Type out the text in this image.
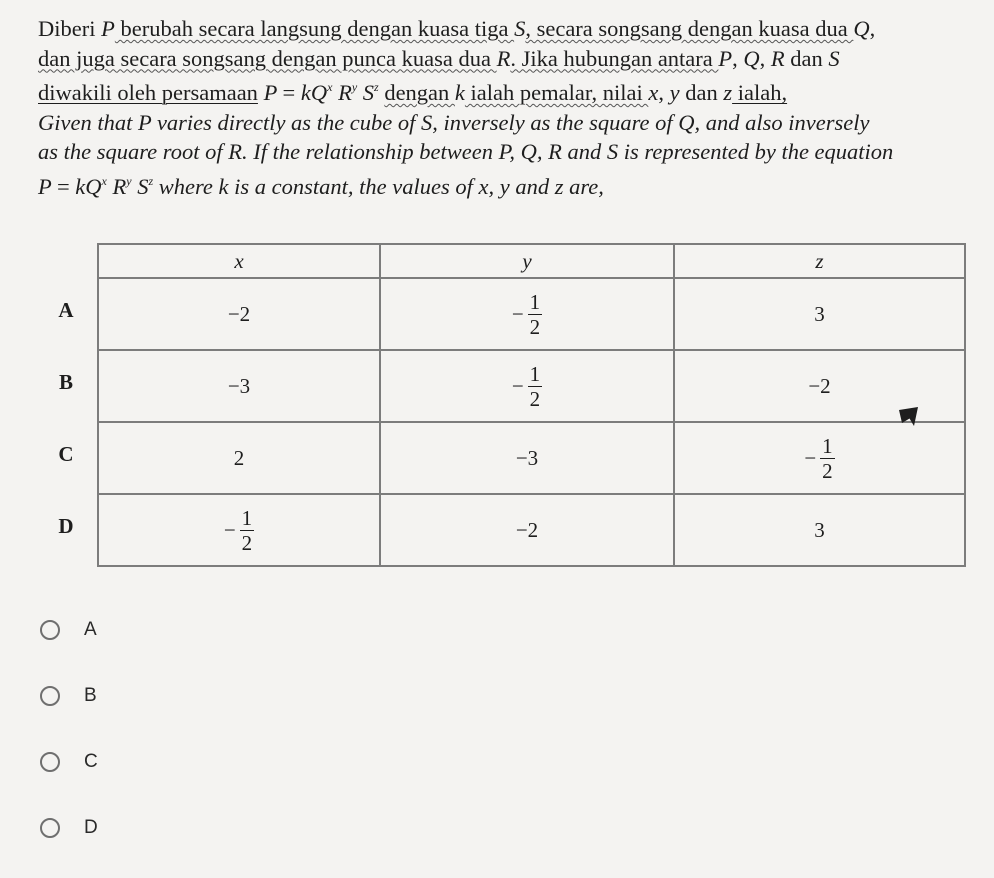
Diberi P berubah secara langsung dengan kuasa tiga S, secara songsang dengan kuasa dua Q,
dan juga secara songsang dengan punca kuasa dua R. Jika hubungan antara P, Q, R dan S
diwakili oleh persamaan $P = kQ^x$ $R^y$ $S^z$ dengan k ialah pemalar, nilai x, y dan z ialah,
Given that P varies directly as the cube of S, inversely as the square of Q, and also inversely
as the square root of R. If the relationship between P, Q, R and S is represented by the equation
$P = kQ^x$ $R^y$ $S^z$ where k is a constant, the values of x, y and z are,
A
B
C
D
x	y	z
−2	− $\frac{1}{2}$	3
−3	− $\frac{1}{2}$	−2
2	−3	− $\frac{1}{2}$

− $\frac{1}{2}$	−2	3
A
B
C
D
